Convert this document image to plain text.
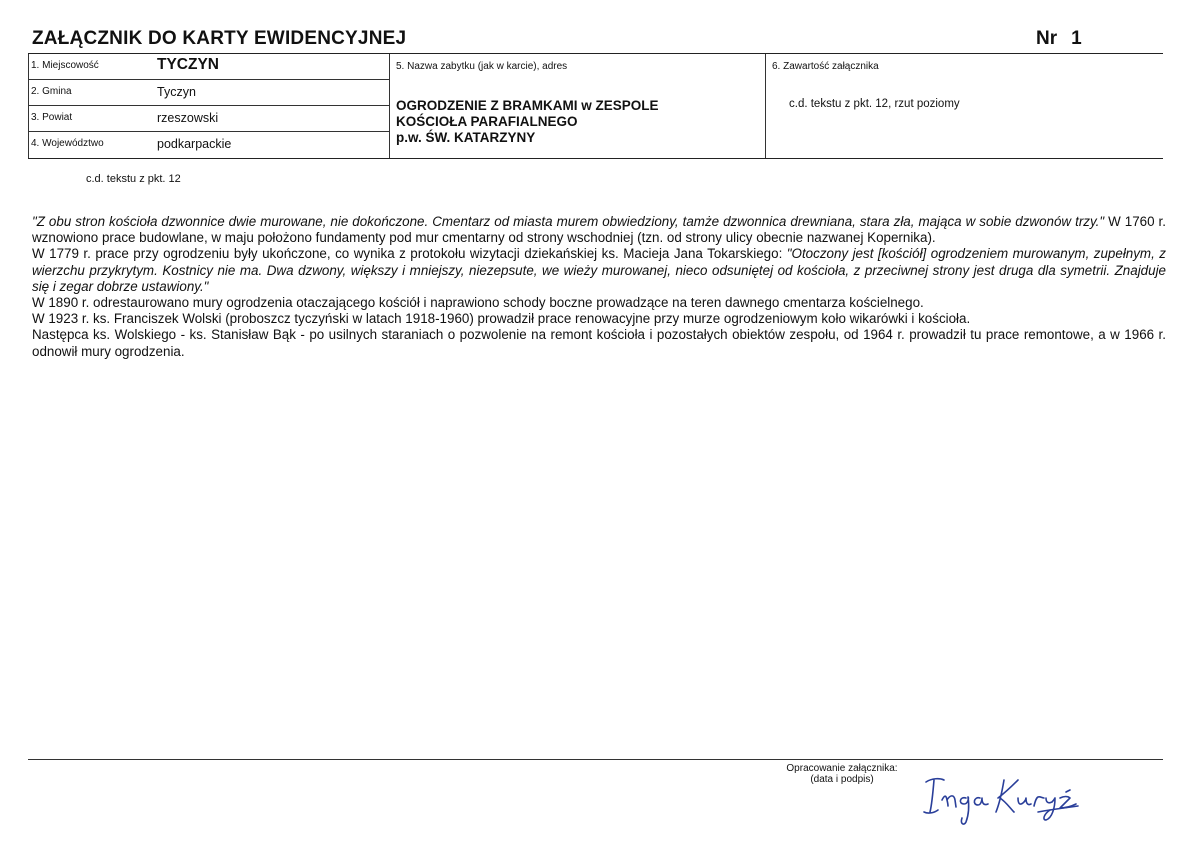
ZAŁĄCZNIK DO KARTY EWIDENCYJNEJ	Nr 1
1. Miejscowość	TYCZYN
2. Gmina	Tyczyn
3. Powiat	rzeszowski
4. Województwo	podkarpackie
5. Nazwa zabytku (jak w karcie), adres
OGRODZENIE Z BRAMKAMI w ZESPOLE
KOŚCIOŁA PARAFIALNEGO
p.w. ŚW. KATARZYNY
6. Zawartość załącznika
c.d. tekstu z pkt. 12, rzut poziomy
c.d. tekstu z pkt. 12

"Z obu stron kościoła dzwonnice dwie murowane, nie dokończone. Cmentarz od miasta murem obwiedziony, tamże dzwonnica drewniana, stara zła, mająca w sobie dzwonów trzy." W 1760 r. wznowiono prace budowlane, w maju położono fundamenty pod mur cmentarny od strony wschodniej (tzn. od strony ulicy obecnie nazwanej Kopernika).

W 1779 r. prace przy ogrodzeniu były ukończone, co wynika z protokołu wizytacji dziekańskiej ks. Macieja Jana Tokarskiego: "Otoczony jest [kościół] ogrodzeniem murowanym, zupełnym, z wierzchu przykrytym. Kostnicy nie ma. Dwa dzwony, większy i mniejszy, niezepsute, we wieży murowanej, nieco odsuniętej od kościoła, z przeciwnej strony jest druga dla symetrii. Znajduje się i zegar dobrze ustawiony."

W 1890 r. odrestaurowano mury ogrodzenia otaczającego kościół i naprawiono schody boczne prowadzące na teren dawnego cmentarza kościelnego.

W 1923 r. ks. Franciszek Wolski (proboszcz tyczyński w latach 1918-1960) prowadził prace renowacyjne przy murze ogrodzeniowym koło wikarówki i kościoła.

Następca ks. Wolskiego - ks. Stanisław Bąk - po usilnych staraniach o pozwolenie na remont kościoła i pozostałych obiektów zespołu, od 1964 r. prowadził tu prace remontowe, a w 1966 r. odnowił mury ogrodzenia.

Opracowanie załącznika:
(data i podpis)
